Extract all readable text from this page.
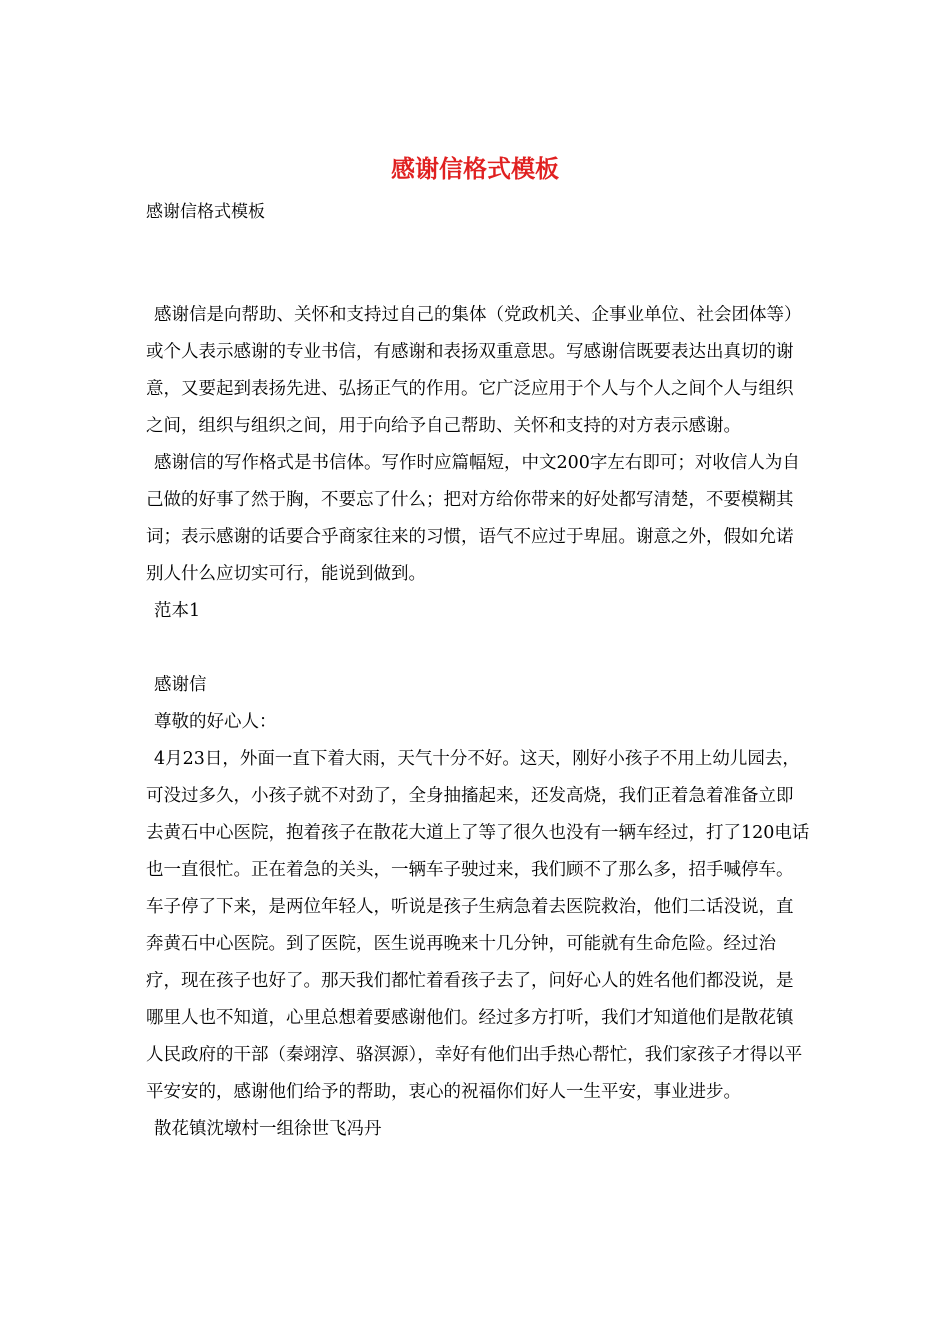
感谢信格式模板
感谢信格式模板

感谢信是向帮助、关怀和支持过自己的集体（党政机关、企事业单位、社会团体等）或个人表示感谢的专业书信，有感谢和表扬双重意思。写感谢信既要表达出真切的谢意，又要起到表扬先进、弘扬正气的作用。它广泛应用于个人与个人之间个人与组织之间，组织与组织之间，用于向给予自己帮助、关怀和支持的对方表示感谢。

感谢信的写作格式是书信体。写作时应篇幅短，中文200字左右即可；对收信人为自己做的好事了然于胸，不要忘了什么；把对方给你带来的好处都写清楚，不要模糊其词；表示感谢的话要合乎商家往来的习惯，语气不应过于卑屈。谢意之外，假如允诺别人什么应切实可行，能说到做到。

范本1

感谢信

尊敬的好心人：

4月23日，外面一直下着大雨，天气十分不好。这天，刚好小孩子不用上幼儿园去，可没过多久，小孩子就不对劲了，全身抽搐起来，还发高烧，我们正着急着准备立即去黄石中心医院，抱着孩子在散花大道上了等了很久也没有一辆车经过，打了120电话也一直很忙。正在着急的关头，一辆车子驶过来，我们顾不了那么多，招手喊停车。车子停了下来，是两位年轻人，听说是孩子生病急着去医院救治，他们二话没说，直奔黄石中心医院。到了医院，医生说再晚来十几分钟，可能就有生命危险。经过治疗，现在孩子也好了。那天我们都忙着看孩子去了，问好心人的姓名他们都没说，是哪里人也不知道，心里总想着要感谢他们。经过多方打听，我们才知道他们是散花镇人民政府的干部（秦翊淳、骆溟源），幸好有他们出手热心帮忙，我们家孩子才得以平平安安的，感谢他们给予的帮助，衷心的祝福你们好人一生平安，事业进步。

散花镇沈墩村一组徐世飞冯丹
